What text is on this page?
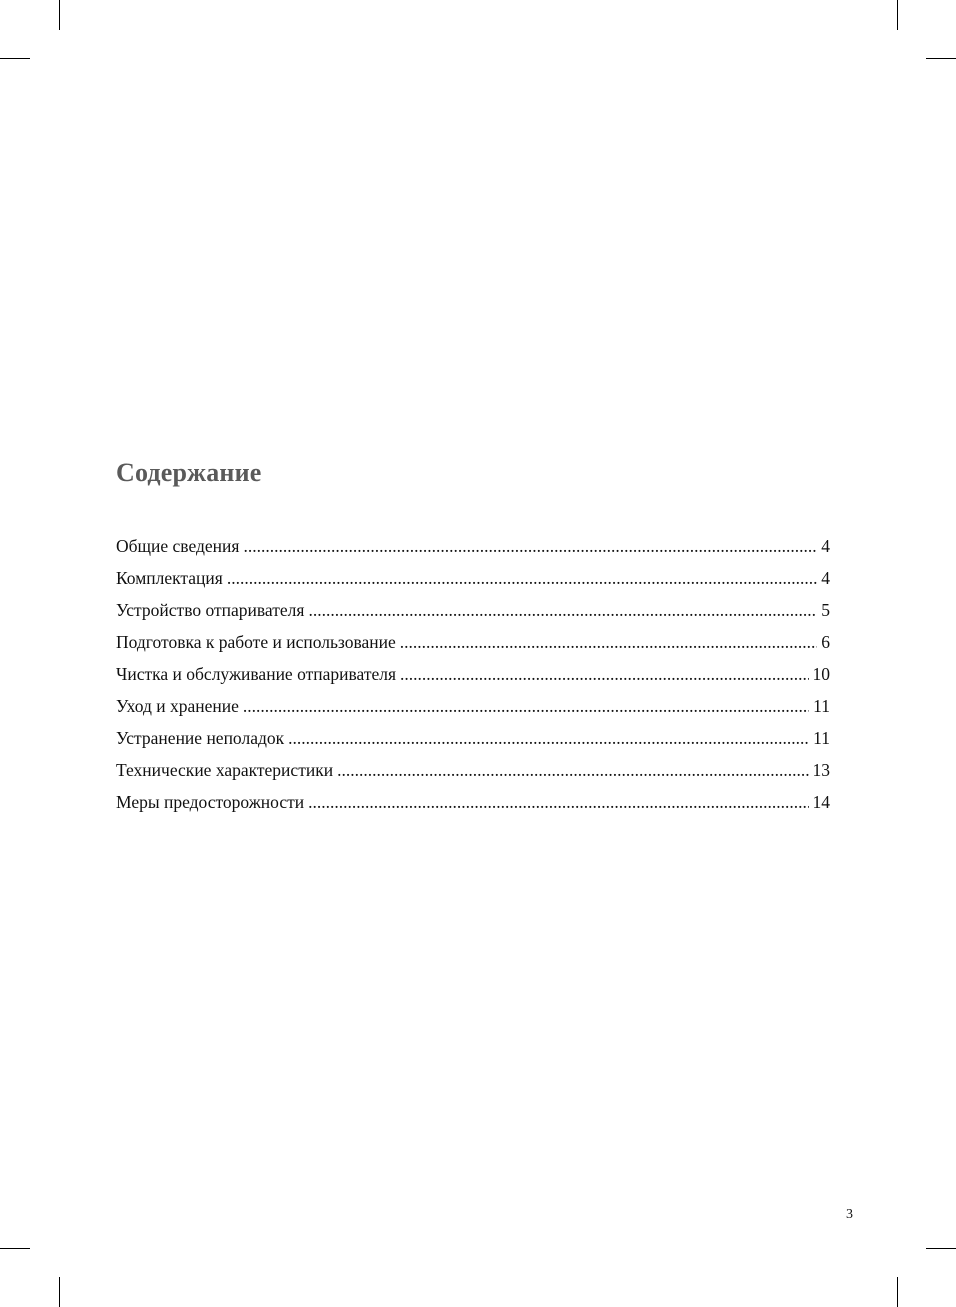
Содержание
Общие сведения .....	4
Комплектация .....	4
Устройство отпаривателя .....	5
Подготовка к работе и использование .....	6
Чистка и обслуживание отпаривателя .....	10
Уход и хранение .....	11
Устранение неполадок .....	11
Технические характеристики .....	13
Меры предосторожности .....	14
3
